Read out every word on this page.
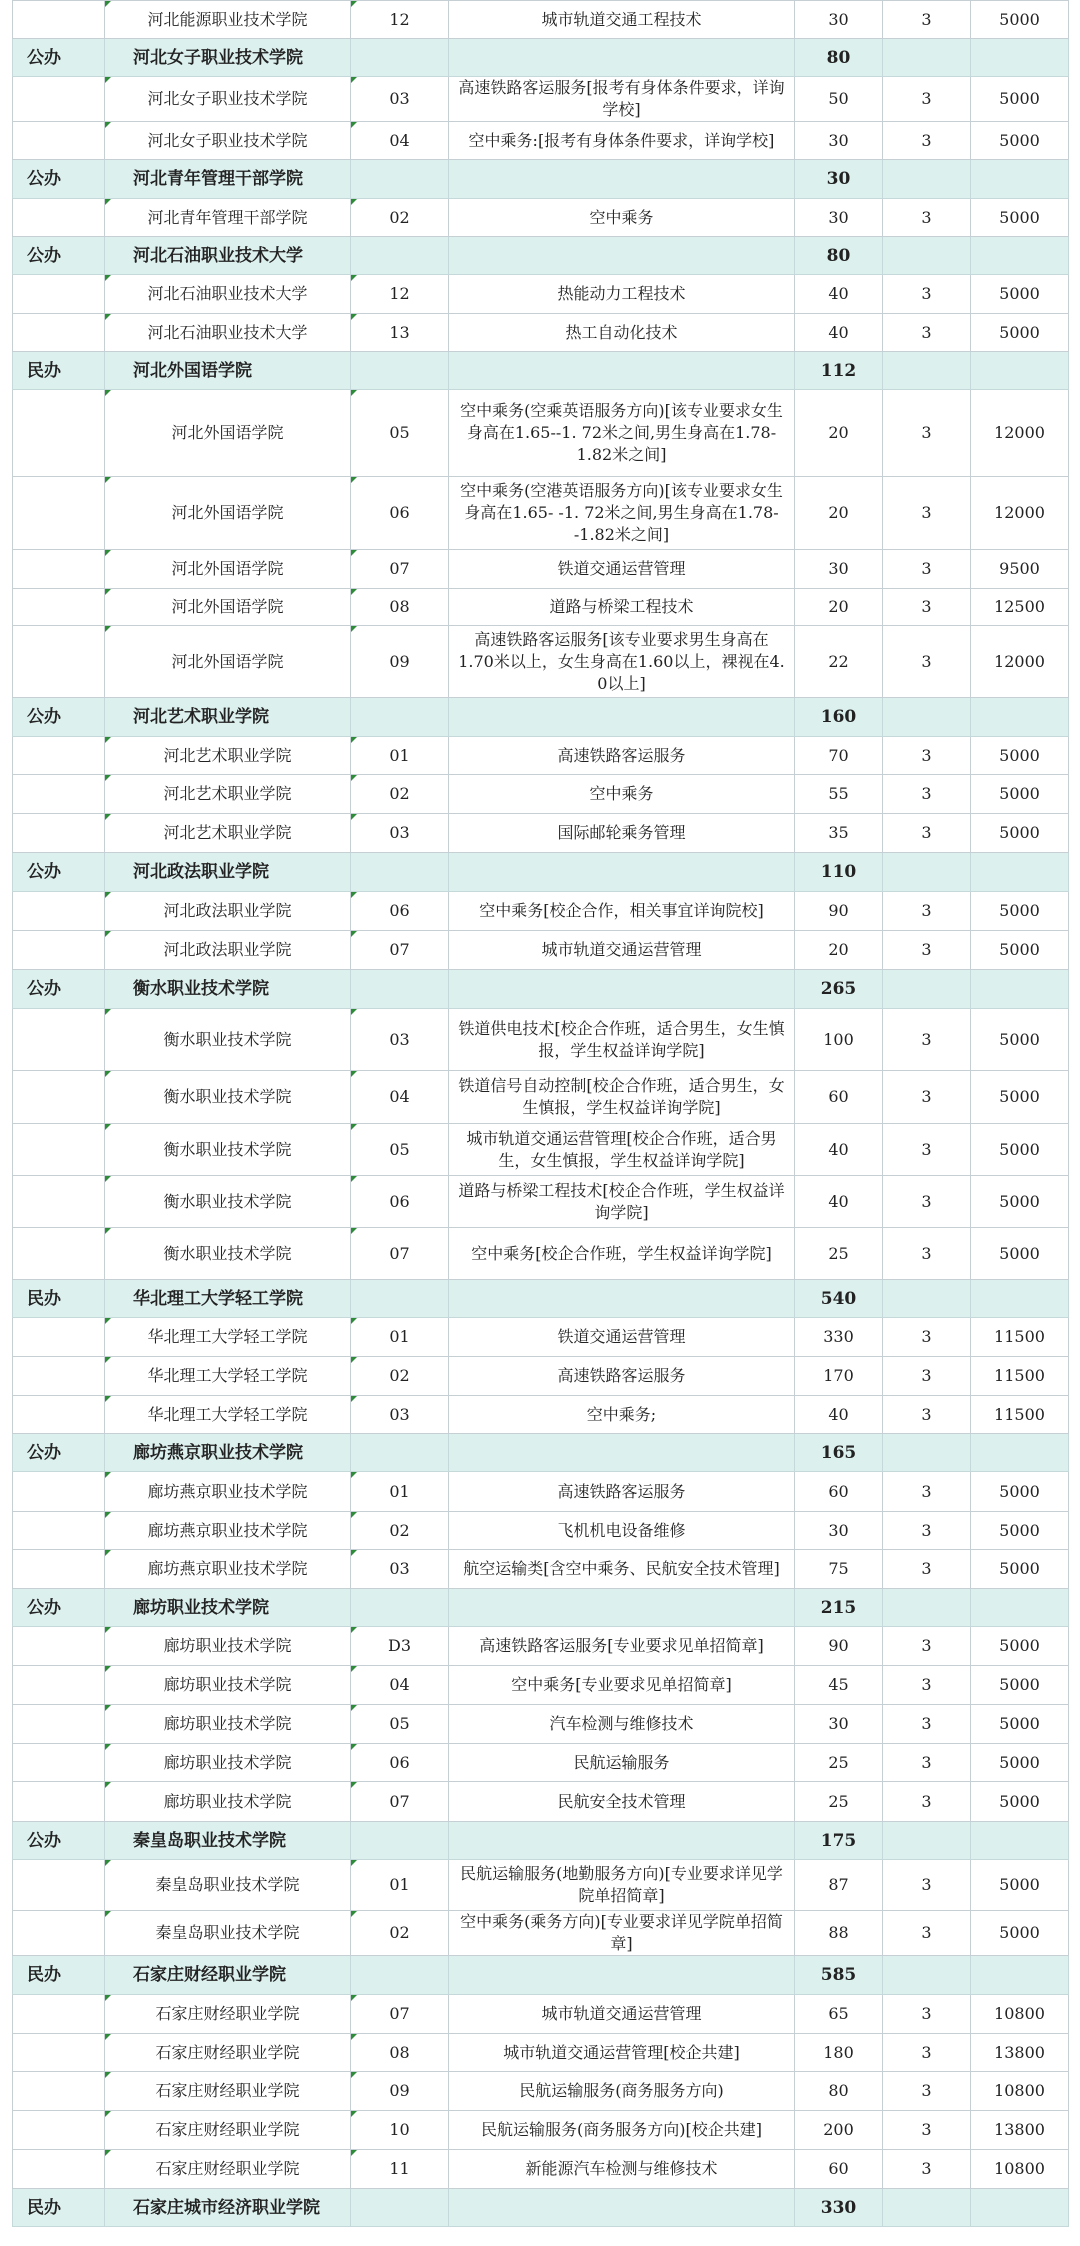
河北能源职业技术学院	12	城市轨道交通工程技术	30	3	5000
公办	河北女子职业技术学院			80		

河北女子职业技术学院	03	高速铁路客运服务[报考有身体条件要求，详询学校]	50	3	5000

河北女子职业技术学院	04	空中乘务:[报考有身体条件要求，详询学校]	30	3	5000
公办	河北青年管理干部学院			30		

河北青年管理干部学院	02	空中乘务	30	3	5000
公办	河北石油职业技术大学			80		

河北石油职业技术大学	12	热能动力工程技术	40	3	5000

河北石油职业技术大学	13	热工自动化技术	40	3	5000
民办	河北外国语学院			112		

河北外国语学院	05	空中乘务(空乘英语服务方向)[该专业要求女生身高在1.65--1. 72米之间,男生身高在1.78-1.82米之间]	20	3	12000

河北外国语学院	06	空中乘务(空港英语服务方向)[该专业要求女生身高在1.65- -1. 72米之间,男生身高在1.78--1.82米之间]	20	3	12000

河北外国语学院	07	铁道交通运营管理	30	3	9500

河北外国语学院	08	道路与桥梁工程技术	20	3	12500

河北外国语学院	09	高速铁路客运服务[该专业要求男生身高在1.70米以上，女生身高在1.60以上，裸视在4. 0以上]	22	3	12000
公办	河北艺术职业学院			160		

河北艺术职业学院	01	高速铁路客运服务	70	3	5000

河北艺术职业学院	02	空中乘务	55	3	5000

河北艺术职业学院	03	国际邮轮乘务管理	35	3	5000
公办	河北政法职业学院			110		

河北政法职业学院	06	空中乘务[校企合作，相关事宜详询院校]	90	3	5000

河北政法职业学院	07	城市轨道交通运营管理	20	3	5000
公办	衡水职业技术学院			265		

衡水职业技术学院	03	铁道供电技术[校企合作班，适合男生，女生慎报，学生权益详询学院]	100	3	5000

衡水职业技术学院	04	铁道信号自动控制[校企合作班，适合男生，女生慎报，学生权益详询学院]	60	3	5000

衡水职业技术学院	05	城市轨道交通运营管理[校企合作班，适合男生，女生慎报，学生权益详询学院]	40	3	5000

衡水职业技术学院	06	道路与桥梁工程技术[校企合作班，学生权益详询学院]	40	3	5000

衡水职业技术学院	07	空中乘务[校企合作班，学生权益详询学院]	25	3	5000
民办	华北理工大学轻工学院			540		

华北理工大学轻工学院	01	铁道交通运营管理	330	3	11500

华北理工大学轻工学院	02	高速铁路客运服务	170	3	11500

华北理工大学轻工学院	03	空中乘务;	40	3	11500
公办	廊坊燕京职业技术学院			165		

廊坊燕京职业技术学院	01	高速铁路客运服务	60	3	5000

廊坊燕京职业技术学院	02	飞机机电设备维修	30	3	5000

廊坊燕京职业技术学院	03	航空运输类[含空中乘务、民航安全技术管理]	75	3	5000
公办	廊坊职业技术学院			215		

廊坊职业技术学院	D3	高速铁路客运服务[专业要求见单招简章]	90	3	5000

廊坊职业技术学院	04	空中乘务[专业要求见单招简章]	45	3	5000

廊坊职业技术学院	05	汽车检测与维修技术	30	3	5000

廊坊职业技术学院	06	民航运输服务	25	3	5000

廊坊职业技术学院	07	民航安全技术管理	25	3	5000
公办	秦皇岛职业技术学院			175		

秦皇岛职业技术学院	01	民航运输服务(地勤服务方向)[专业要求详见学院单招简章]	87	3	5000

秦皇岛职业技术学院	02	空中乘务(乘务方向)[专业要求详见学院单招简章]	88	3	5000
民办	石家庄财经职业学院			585		

石家庄财经职业学院	07	城市轨道交通运营管理	65	3	10800

石家庄财经职业学院	08	城市轨道交通运营管理[校企共建]	180	3	13800

石家庄财经职业学院	09	民航运输服务(商务服务方向)	80	3	10800

石家庄财经职业学院	10	民航运输服务(商务服务方向)[校企共建]	200	3	13800

石家庄财经职业学院	11	新能源汽车检测与维修技术	60	3	10800
民办	石家庄城市经济职业学院			330		
